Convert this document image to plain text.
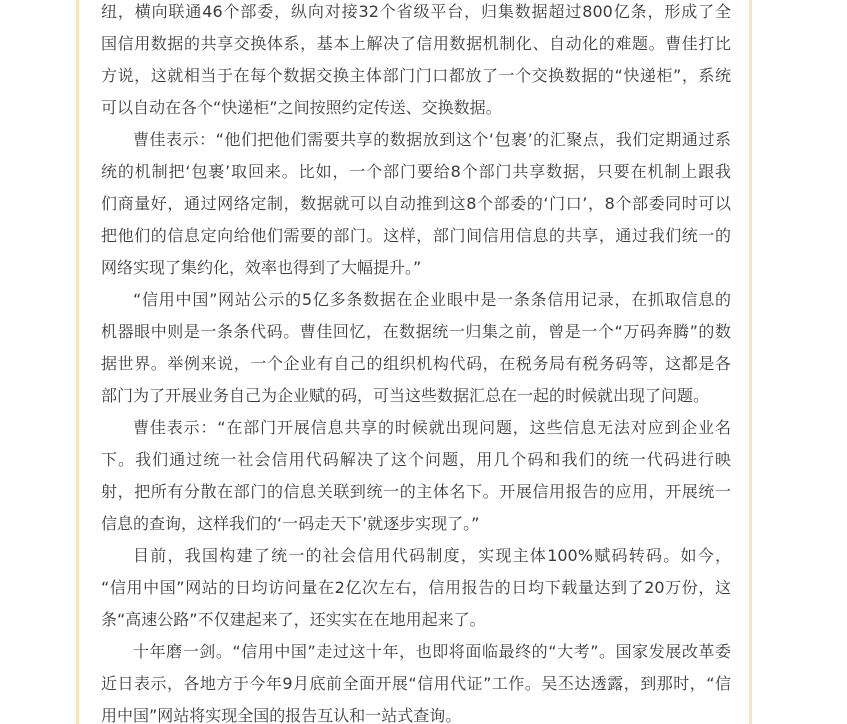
纽，横向联通46个部委，纵向对接32个省级平台，归集数据超过800亿条，形成了全
国信用数据的共享交换体系，基本上解决了信用数据机制化、自动化的难题。曹佳打比
方说，这就相当于在每个数据交换主体部门门口都放了一个交换数据的“快递柜”，系统
可以自动在各个“快递柜”之间按照约定传送、交换数据。

曹佳表示：“他们把他们需要共享的数据放到这个‘包裹’的汇聚点，我们定期通过系
统的机制把‘包裹’取回来。比如，一个部门要给8个部门共享数据，只要在机制上跟我
们商量好，通过网络定制，数据就可以自动推到这8个部委的‘门口’，8个部委同时可以
把他们的信息定向给他们需要的部门。这样，部门间信用信息的共享，通过我们统一的
网络实现了集约化，效率也得到了大幅提升。”

“信用中国”网站公示的5亿多条数据在企业眼中是一条条信用记录，在抓取信息的
机器眼中则是一条条代码。曹佳回忆，在数据统一归集之前，曾是一个“万码奔腾”的数
据世界。举例来说，一个企业有自己的组织机构代码，在税务局有税务码等，这都是各
部门为了开展业务自己为企业赋的码，可当这些数据汇总在一起的时候就出现了问题。

曹佳表示：“在部门开展信息共享的时候就出现问题，这些信息无法对应到企业名
下。我们通过统一社会信用代码解决了这个问题，用几个码和我们的统一代码进行映
射，把所有分散在部门的信息关联到统一的主体名下。开展信用报告的应用，开展统一
信息的查询，这样我们的‘一码走天下’就逐步实现了。”

目前，我国构建了统一的社会信用代码制度，实现主体100%赋码转码。如今，
“信用中国”网站的日均访问量在2亿次左右，信用报告的日均下载量达到了20万份，这
条“高速公路”不仅建起来了，还实实在在地用起来了。

十年磨一剑。“信用中国”走过这十年，也即将面临最终的“大考”。国家发展改革委
近日表示，各地方于今年9月底前全面开展“信用代证”工作。吴丕达透露，到那时，“信
用中国”网站将实现全国的报告互认和一站式查询。
